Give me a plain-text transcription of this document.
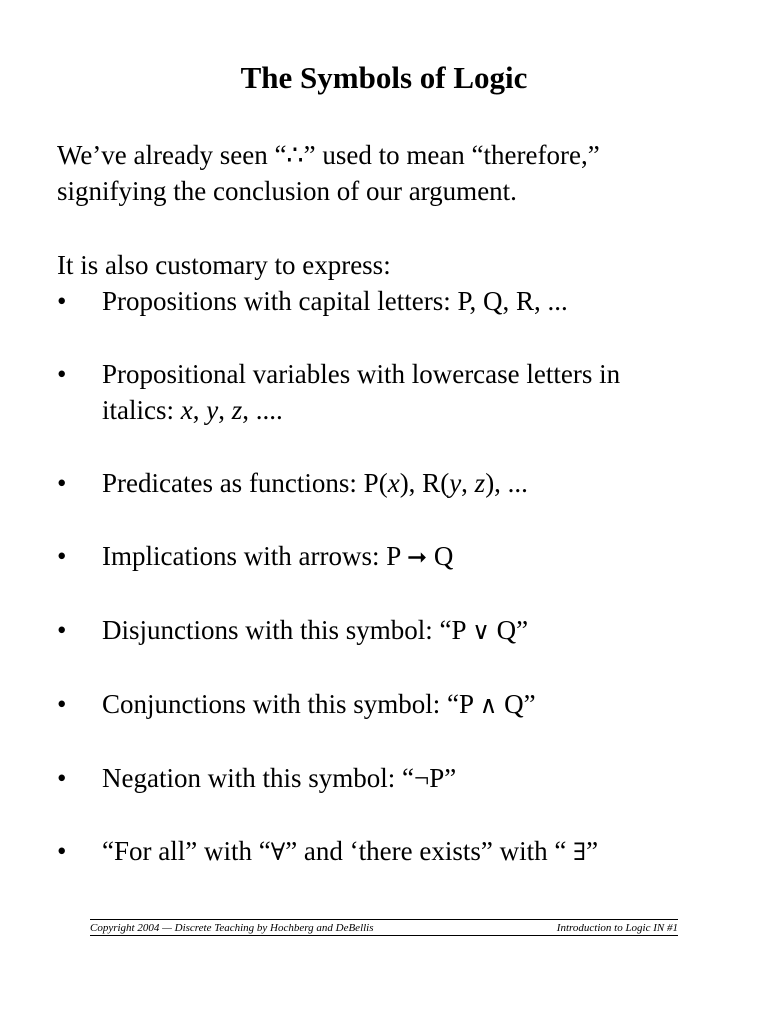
The Symbols of Logic

We’ve already seen “∴” used to mean “therefore,”

signifying the conclusion of our argument.

It is also customary to express:
•	Propositions with capital letters: P, Q, R, ...
•	Propositional variables with lowercase letters in
italics: x, y, z, ....
•	Predicates as functions: P(x), R(y, z), ...
•	Implications with arrows: P ➞ Q
•	Disjunctions with this symbol: “P ∨ Q”
•	Conjunctions with this symbol: “P ∧ Q”
•	Negation with this symbol: “¬P”
•	“For all” with “∀” and ‘there exists” with “ ∃”
Copyright 2004 — Discrete Teaching by Hochberg and DeBellis	Introduction to Logic IN #1
